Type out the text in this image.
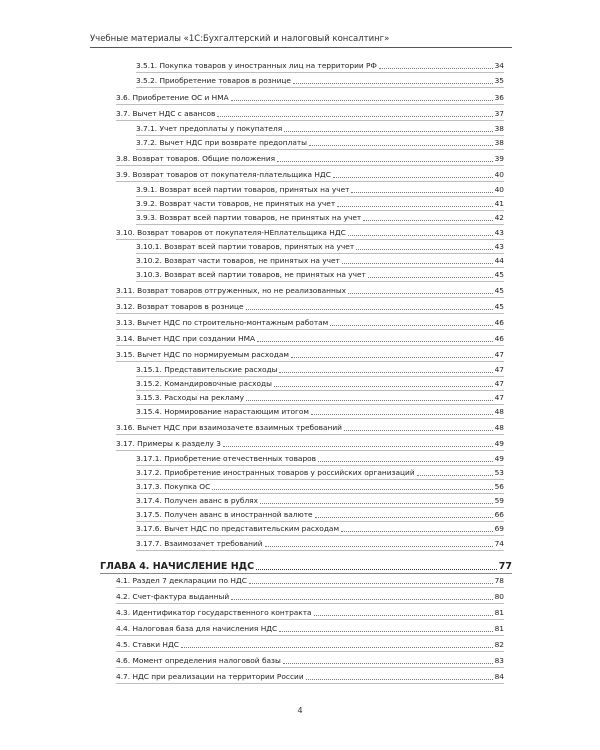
Учебные материалы «1С:Бухгалтерский и налоговый консалтинг»
3.5.1. Покупка товаров у иностранных лиц на территории РФ	34
3.5.2. Приобретение товаров в рознице	35
3.6. Приобретение ОС и НМА	36
3.7. Вычет НДС с авансов	37
3.7.1. Учет предоплаты у покупателя	38
3.7.2. Вычет НДС при возврате предоплаты	38
3.8. Возврат товаров. Общие положения	39
3.9. Возврат товаров от покупателя-плательщика НДС	40
3.9.1. Возврат всей партии товаров, принятых на учет	40
3.9.2. Возврат части товаров, не принятых на учет	41
3.9.3. Возврат всей партии товаров, не принятых на учет	42
3.10. Возврат товаров от покупателя-НЕплательщика НДС	43
3.10.1. Возврат всей партии товаров, принятых на учет	43
3.10.2. Возврат части товаров, не принятых на учет	44
3.10.3. Возврат всей партии товаров, не принятых на учет	45
3.11. Возврат товаров отгруженных, но не реализованных	45
3.12. Возврат товаров в рознице	45
3.13. Вычет НДС по строительно-монтажным работам	46
3.14. Вычет НДС при создании НМА	46
3.15. Вычет НДС по нормируемым расходам	47
3.15.1. Представительские расходы	47
3.15.2. Командировочные расходы	47
3.15.3. Расходы на рекламу	47
3.15.4. Нормирование нарастающим итогом	48
3.16. Вычет НДС при взаимозачете взаимных требований	48
3.17. Примеры к разделу 3	49
3.17.1. Приобретение отечественных товаров	49
3.17.2. Приобретение иностранных товаров у российских организаций	53
3.17.3. Покупка ОС	56
3.17.4. Получен аванс в рублях	59
3.17.5. Получен аванс в иностранной валюте	66
3.17.6. Вычет НДС по представительским расходам	69
3.17.7. Взаимозачет требований	74
ГЛАВА 4. НАЧИСЛЕНИЕ НДС	77
4.1. Раздел 7 декларации по НДС	78
4.2. Счет-фактура выданный	80
4.3. Идентификатор государственного контракта	81
4.4. Налоговая база для начисления НДС	81
4.5. Ставки НДС	82
4.6. Момент определения налоговой базы	83
4.7. НДС при реализации на территории России	84
4
